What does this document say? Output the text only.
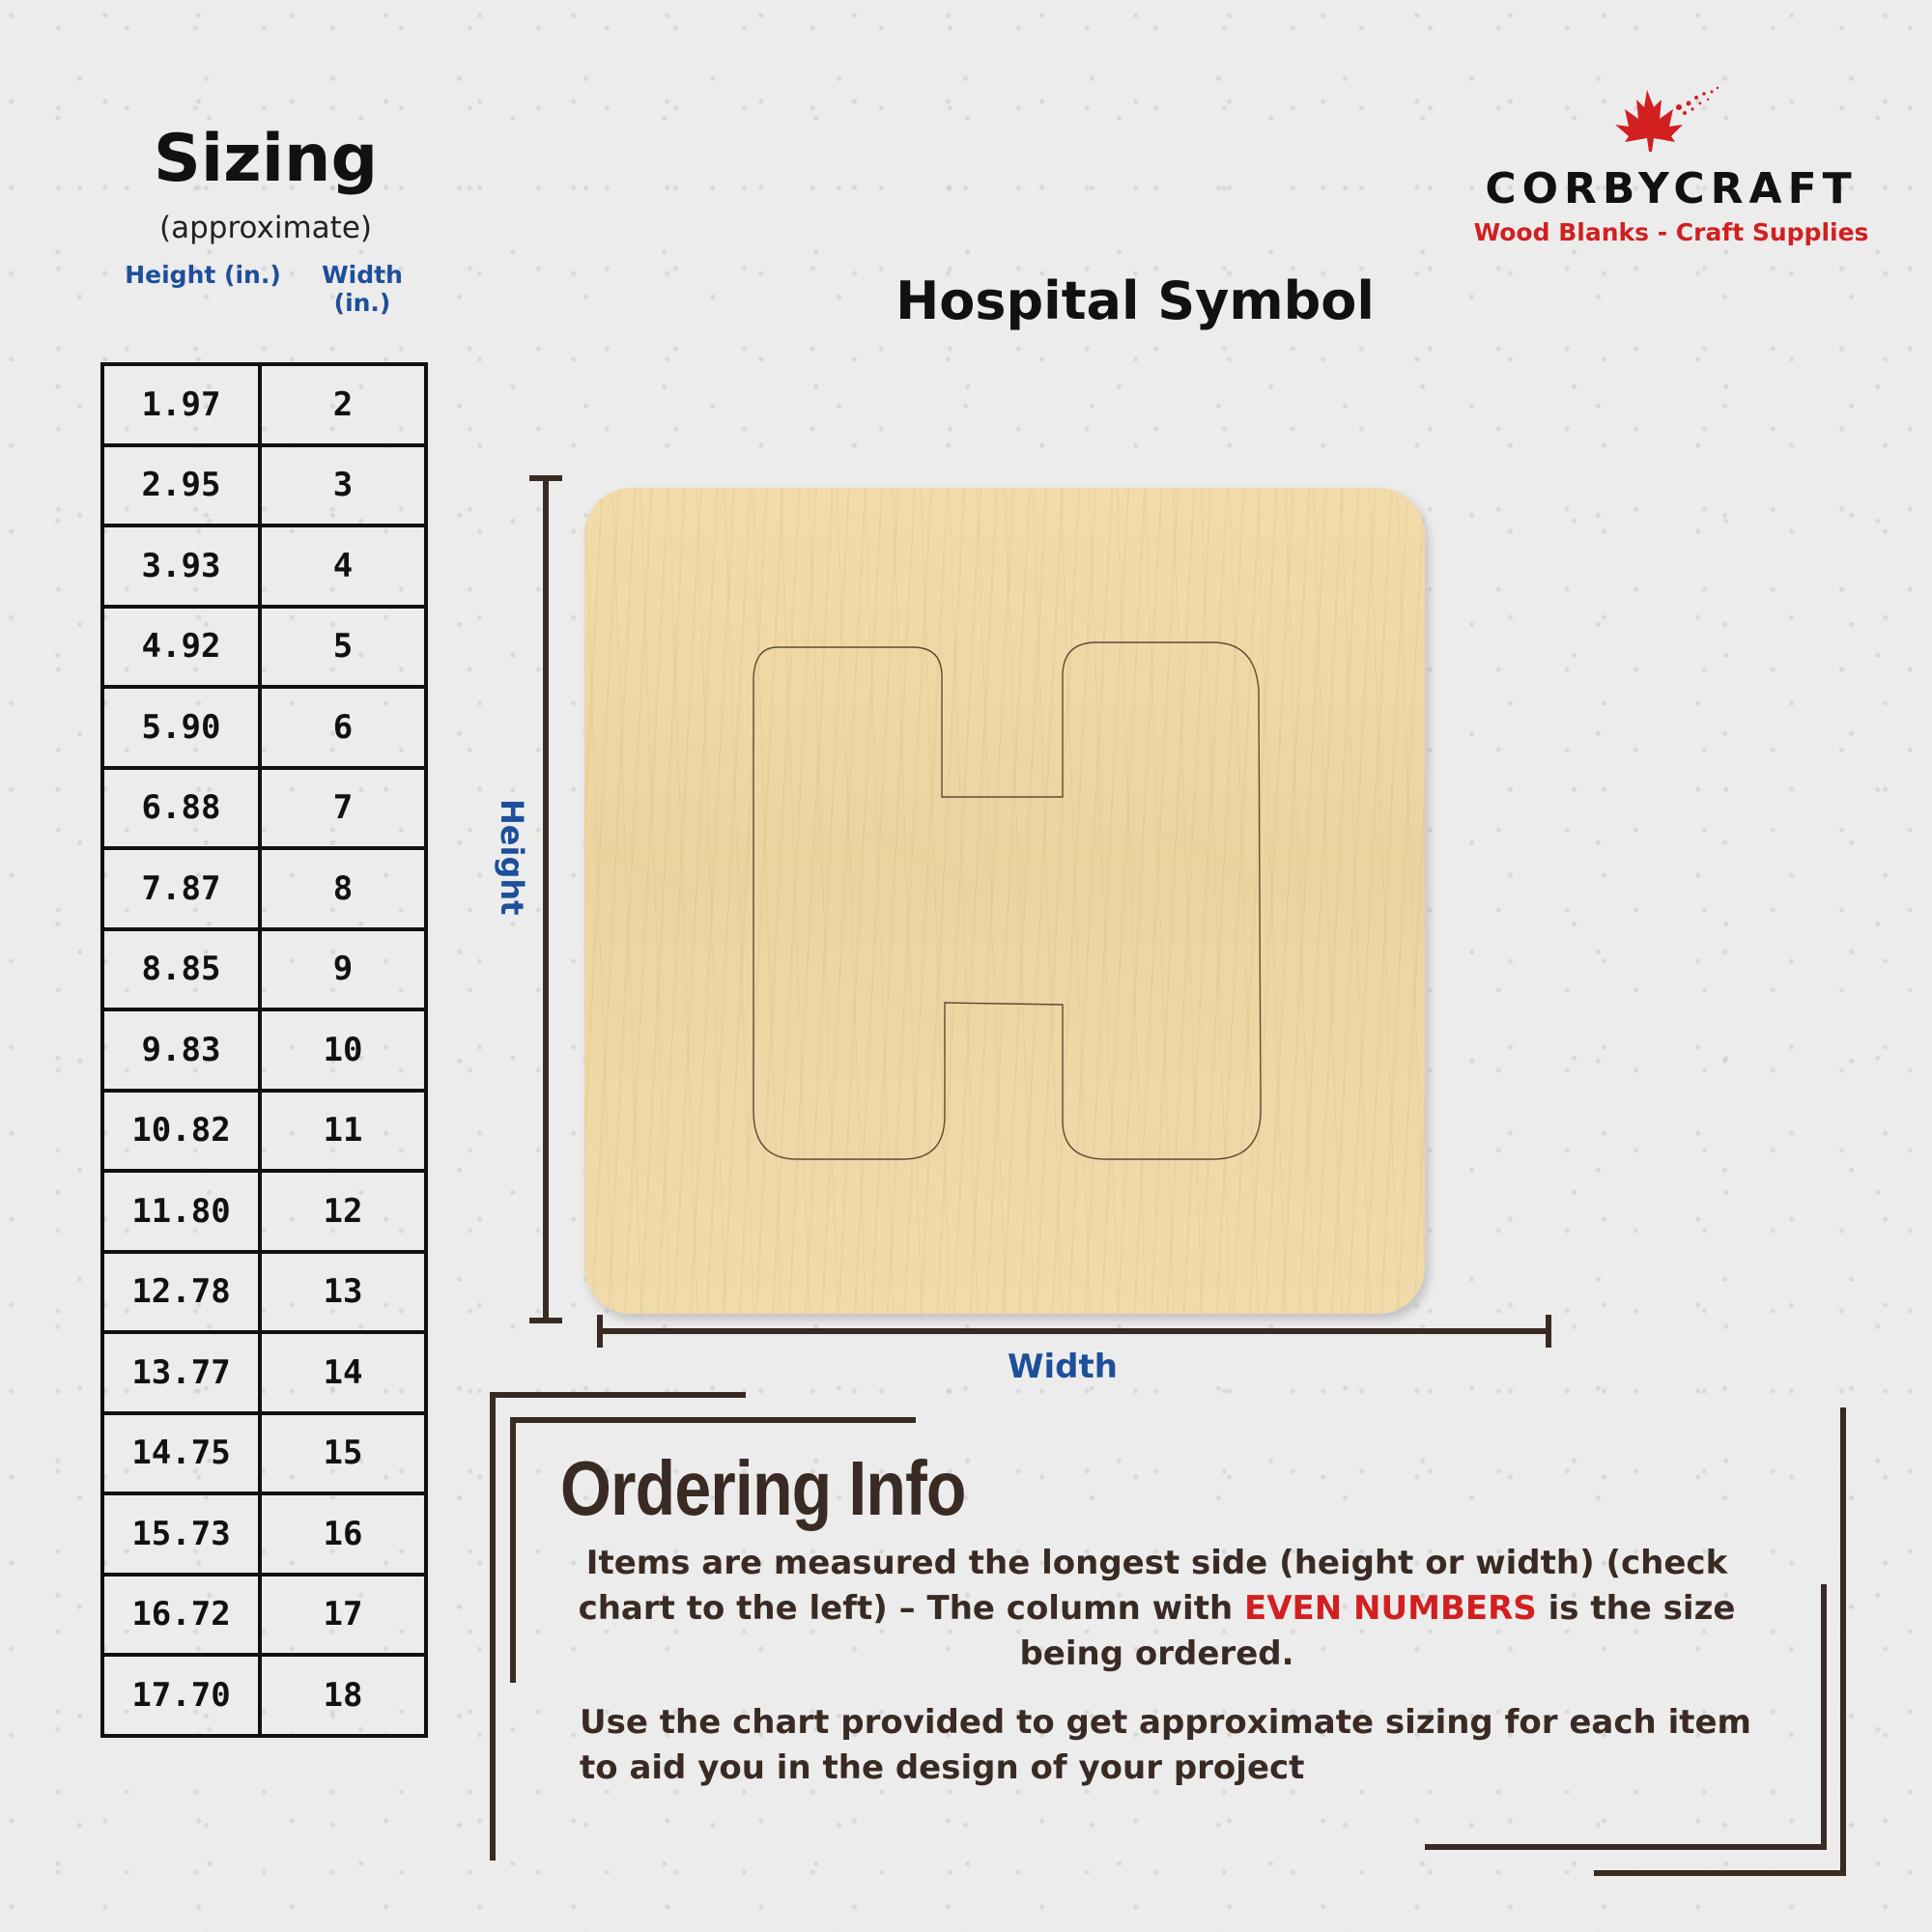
Sizing
(approximate)
Height (in.)	Width (in.)
1.97	2
2.95	3
3.93	4
4.92	5
5.90	6
6.88	7
7.87	8
8.85	9
9.83	10
10.82	11
11.80	12
12.78	13
13.77	14
14.75	15
15.73	16
16.72	17
17.70	18
CORBYCRAFT
Wood Blanks - Craft Supplies
Hospital Symbol
Height
Width
Ordering Info
Items are measured the longest side (height or width) (check chart to the left) – The column with EVEN NUMBERS is the size being ordered.
Use the chart provided to get approximate sizing for each item to aid you in the design of your project
